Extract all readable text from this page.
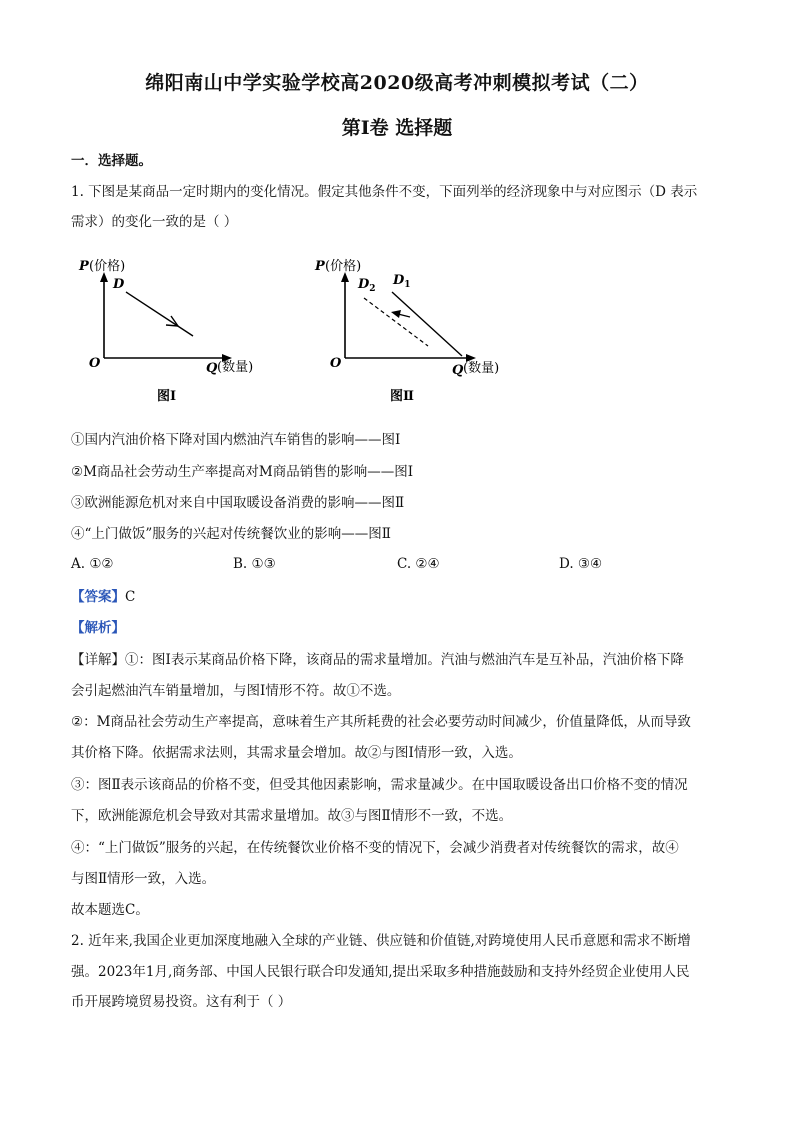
绵阳南山中学实验学校高2020级高考冲刺模拟考试（二）
第Ⅰ卷 选择题
一．选择题。
1. 下图是某商品一定时期内的变化情况。假定其他条件不变，下面列举的经济现象中与对应图示（D 表示
需求）的变化一致的是（ ）
P (价格)
D
O	Q (数量)
图Ⅰ
P (价格)
$D_2$
$D_1$
O	Q (数量)
图Ⅱ
①国内汽油价格下降对国内燃油汽车销售的影响——图Ⅰ
②M商品社会劳动生产率提高对M商品销售的影响——图Ⅰ
③欧洲能源危机对来自中国取暖设备消费的影响——图Ⅱ
④“上门做饭”服务的兴起对传统餐饮业的影响——图Ⅱ
A. ①②	B. ①③	C. ②④	D. ③④
【答案】C
【解析】
【详解】①：图Ⅰ表示某商品价格下降，该商品的需求量增加。汽油与燃油汽车是互补品，汽油价格下降
会引起燃油汽车销量增加，与图Ⅰ情形不符。故①不选。
②：M商品社会劳动生产率提高，意味着生产其所耗费的社会必要劳动时间减少，价值量降低，从而导致
其价格下降。依据需求法则，其需求量会增加。故②与图Ⅰ情形一致，入选。
③：图Ⅱ表示该商品的价格不变，但受其他因素影响，需求量减少。在中国取暖设备出口价格不变的情况
下，欧洲能源危机会导致对其需求量增加。故③与图Ⅱ情形不一致，不选。
④：“上门做饭”服务的兴起，在传统餐饮业价格不变的情况下，会减少消费者对传统餐饮的需求，故④
与图Ⅱ情形一致，入选。
故本题选C。
2. 近年来,我国企业更加深度地融入全球的产业链、供应链和价值链,对跨境使用人民币意愿和需求不断增
强。2023年1月,商务部、中国人民银行联合印发通知,提出采取多种措施鼓励和支持外经贸企业使用人民
币开展跨境贸易投资。这有利于（ ）
